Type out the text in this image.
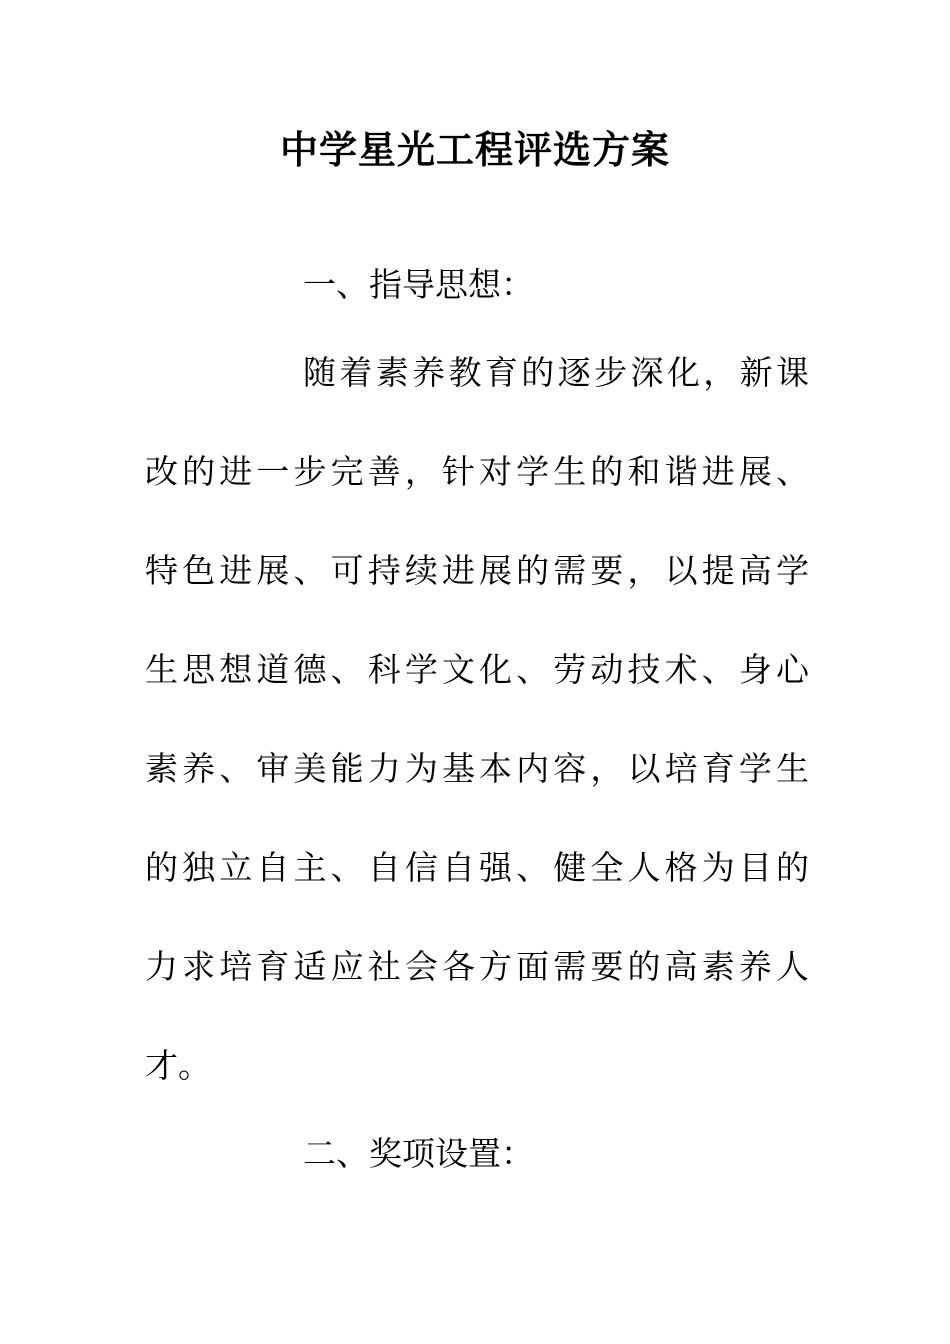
中学星光工程评选方案
一、指导思想：
随着素养教育的逐步深化，新课
改的进一步完善，针对学生的和谐进展、
特色进展、可持续进展的需要，以提高学
生思想道德、科学文化、劳动技术、身心
素养、审美能力为基本内容，以培育学生
的独立自主、自信自强、健全人格为目的
力求培育适应社会各方面需要的高素养人
才。
二、奖项设置：
